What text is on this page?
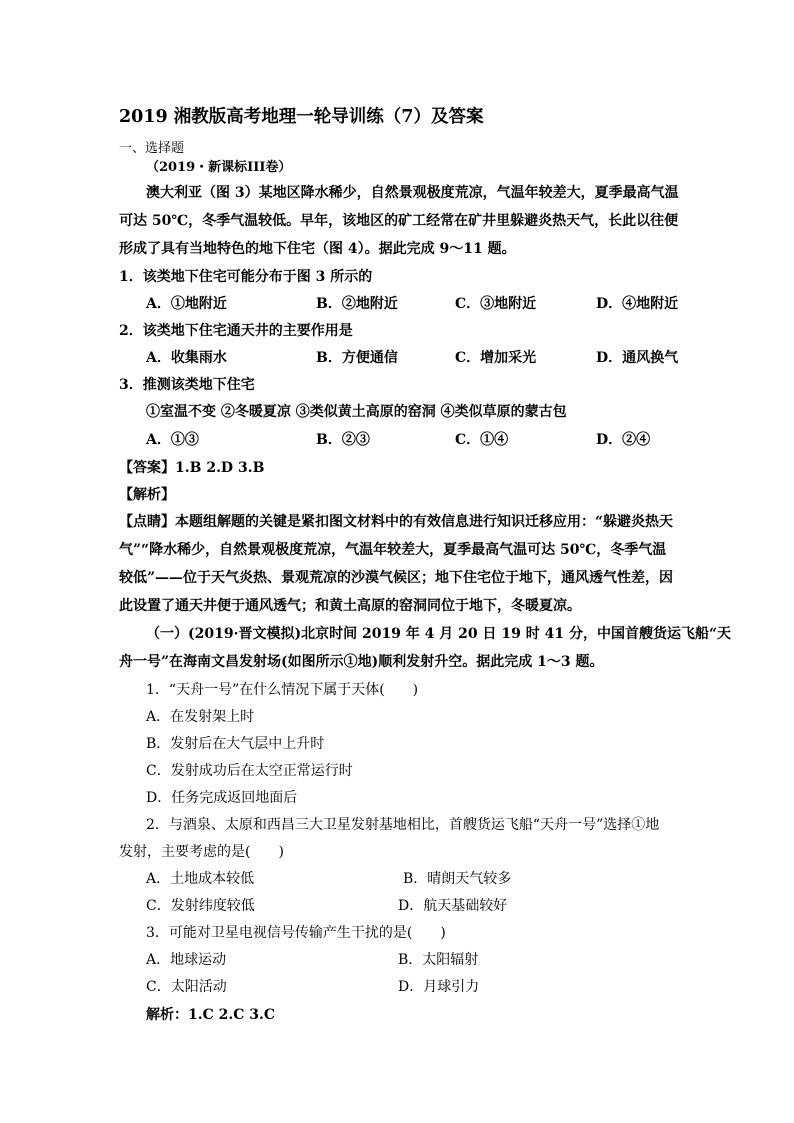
2019 湘教版高考地理一轮导训练（7）及答案
一、选择题
（2019・新课标III卷）
澳大利亚（图 3）某地区降水稀少，自然景观极度荒凉，气温年较差大，夏季最高气温
可达 50℃，冬季气温较低。早年，该地区的矿工经常在矿井里躲避炎热天气，长此以往便
形成了具有当地特色的地下住宅（图 4）。据此完成 9～11 题。
1．该类地下住宅可能分布于图 3 所示的
A．①地附近	B．②地附近	C．③地附近	D．④地附近
2．该类地下住宅通天井的主要作用是
A．收集雨水	B．方便通信	C．增加采光	D．通风换气
3．推测该类地下住宅
①室温不变 ②冬暖夏凉 ③类似黄土高原的窑洞 ④类似草原的蒙古包
A．①③	B．②③	C．①④	D．②④
【答案】1.B 2.D 3.B
【解析】
【点睛】本题组解题的关键是紧扣图文材料中的有效信息进行知识迁移应用：“躲避炎热天
气”“降水稀少，自然景观极度荒凉，气温年较差大，夏季最高气温可达 50℃，冬季气温
较低”——位于天气炎热、景观荒凉的沙漠气候区；地下住宅位于地下，通风透气性差，因
此设置了通天井便于通风透气；和黄土高原的窑洞同位于地下，冬暖夏凉。
（一）(2019·晋文模拟)北京时间 2019 年 4 月 20 日 19 时 41 分，中国首艘货运飞船“天
舟一号”在海南文昌发射场(如图所示①地)顺利发射升空。据此完成 1～3 题。
1．“天舟一号”在什么情况下属于天体(　　)
A．在发射架上时
B．发射后在大气层中上升时
C．发射成功后在太空正常运行时
D．任务完成返回地面后
2．与酒泉、太原和西昌三大卫星发射基地相比，首艘货运飞船“天舟一号”选择①地
发射，主要考虑的是(　　)
A．土地成本较低	B．晴朗天气较多
C．发射纬度较低	D．航天基础较好
3．可能对卫星电视信号传输产生干扰的是(　　)
A．地球运动	B．太阳辐射
C．太阳活动	D．月球引力
解析：1.C 2.C 3.C
